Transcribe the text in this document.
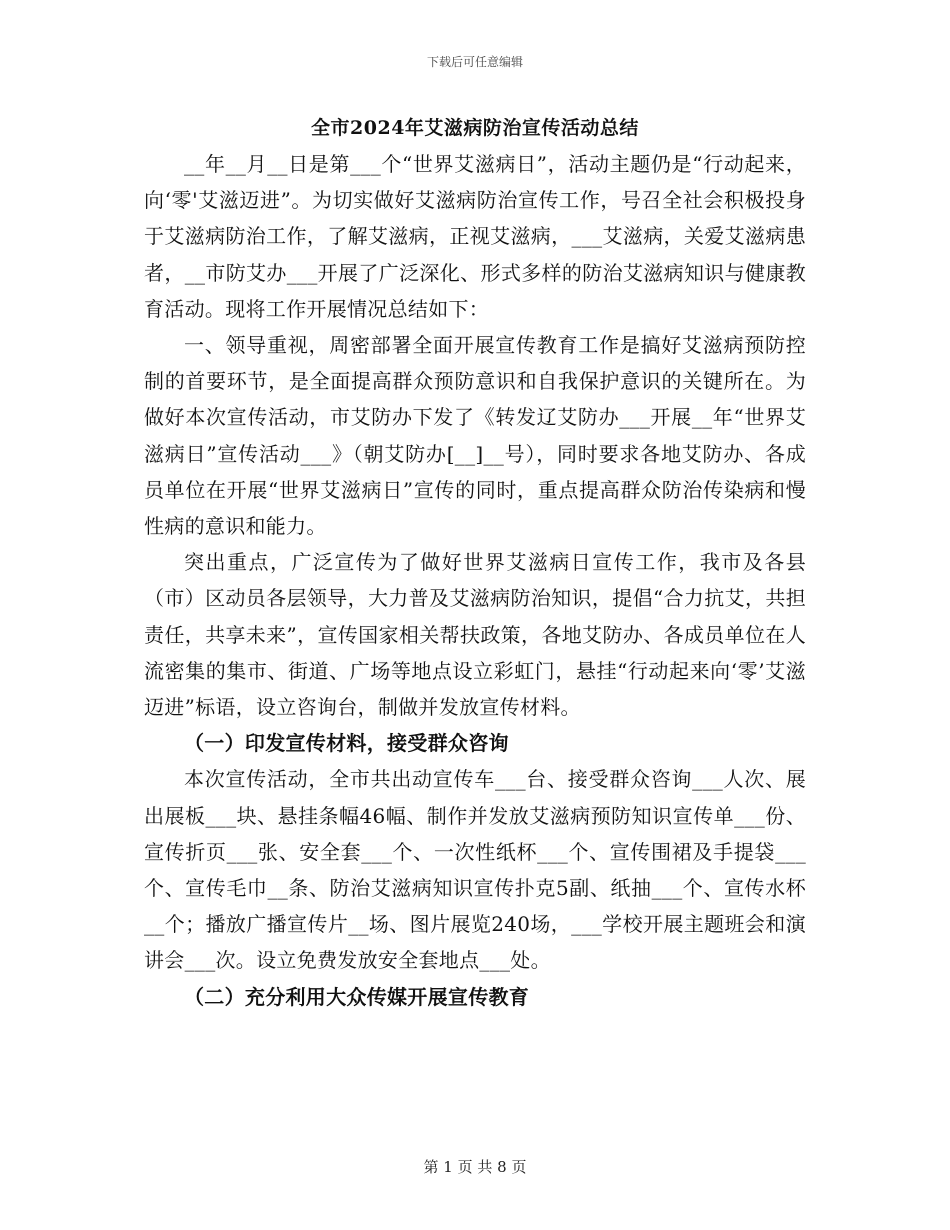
下载后可任意编辑
全市2024年艾滋病防治宣传活动总结

__年__月__日是第___个“世界艾滋病日”，活动主题仍是“行动起来，向‘零'艾滋迈进”。为切实做好艾滋病防治宣传工作，号召全社会积极投身于艾滋病防治工作，了解艾滋病，正视艾滋病，___艾滋病，关爱艾滋病患者，__市防艾办___开展了广泛深化、形式多样的防治艾滋病知识与健康教育活动。现将工作开展情况总结如下：

一、领导重视，周密部署全面开展宣传教育工作是搞好艾滋病预防控制的首要环节，是全面提高群众预防意识和自我保护意识的关键所在。为做好本次宣传活动，市艾防办下发了《转发辽艾防办___开展__年“世界艾滋病日”宣传活动___》（朝艾防办[__]__号），同时要求各地艾防办、各成员单位在开展“世界艾滋病日”宣传的同时，重点提高群众防治传染病和慢性病的意识和能力。

突出重点，广泛宣传为了做好世界艾滋病日宣传工作，我市及各县（市）区动员各层领导，大力普及艾滋病防治知识，提倡“合力抗艾，共担责任，共享未来”，宣传国家相关帮扶政策，各地艾防办、各成员单位在人流密集的集市、街道、广场等地点设立彩虹门，悬挂“行动起来向‘零’艾滋迈进”标语，设立咨询台，制做并发放宣传材料。

（一）印发宣传材料，接受群众咨询

本次宣传活动，全市共出动宣传车___台、接受群众咨询___人次、展出展板___块、悬挂条幅46幅、制作并发放艾滋病预防知识宣传单___份、宣传折页___张、安全套___个、一次性纸杯___个、宣传围裙及手提袋___个、宣传毛巾__条、防治艾滋病知识宣传扑克5副、纸抽___个、宣传水杯__个；播放广播宣传片__场、图片展览240场，___学校开展主题班会和演讲会___次。设立免费发放安全套地点___处。

（二）充分利用大众传媒开展宣传教育

第 1 页 共 8 页
